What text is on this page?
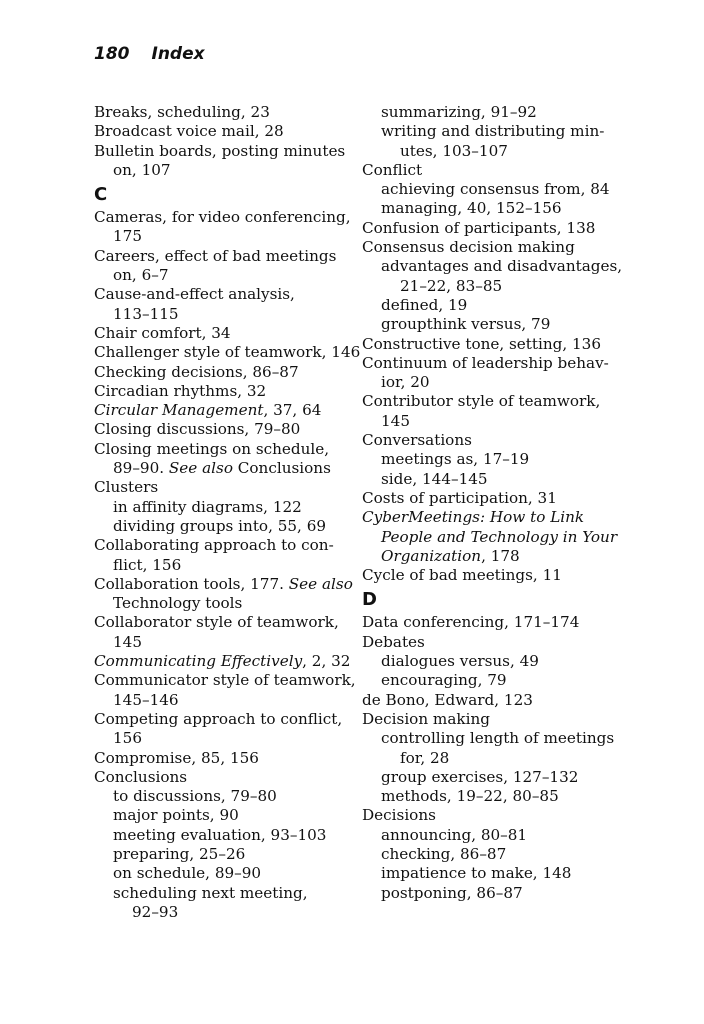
180 Index
Breaks, scheduling, 23
Broadcast voice mail, 28
Bulletin boards, posting minutes
on, 107
C
Cameras, for video conferencing,
175
Careers, effect of bad meetings
on, 6–7
Cause-and-effect analysis,
113–115
Chair comfort, 34
Challenger style of teamwork, 146
Checking decisions, 86–87
Circadian rhythms, 32
Circular Management, 37, 64
Closing discussions, 79–80
Closing meetings on schedule,
89–90. See also Conclusions
Clusters
in affinity diagrams, 122
dividing groups into, 55, 69
Collaborating approach to con-
flict, 156
Collaboration tools, 177. See also
Technology tools
Collaborator style of teamwork,
145
Communicating Effectively, 2, 32
Communicator style of teamwork,
145–146
Competing approach to conflict,
156
Compromise, 85, 156
Conclusions
to discussions, 79–80
major points, 90
meeting evaluation, 93–103
preparing, 25–26
on schedule, 89–90
scheduling next meeting,
92–93
summarizing, 91–92
writing and distributing min-
utes, 103–107
Conflict
achieving consensus from, 84
managing, 40, 152–156
Confusion of participants, 138
Consensus decision making
advantages and disadvantages,
21–22, 83–85
defined, 19
groupthink versus, 79
Constructive tone, setting, 136
Continuum of leadership behav-
ior, 20
Contributor style of teamwork,
145
Conversations
meetings as, 17–19
side, 144–145
Costs of participation, 31
CyberMeetings: How to Link
People and Technology in Your
Organization, 178
Cycle of bad meetings, 11
D
Data conferencing, 171–174
Debates
dialogues versus, 49
encouraging, 79
de Bono, Edward, 123
Decision making
controlling length of meetings
for, 28
group exercises, 127–132
methods, 19–22, 80–85
Decisions
announcing, 80–81
checking, 86–87
impatience to make, 148
postponing, 86–87
